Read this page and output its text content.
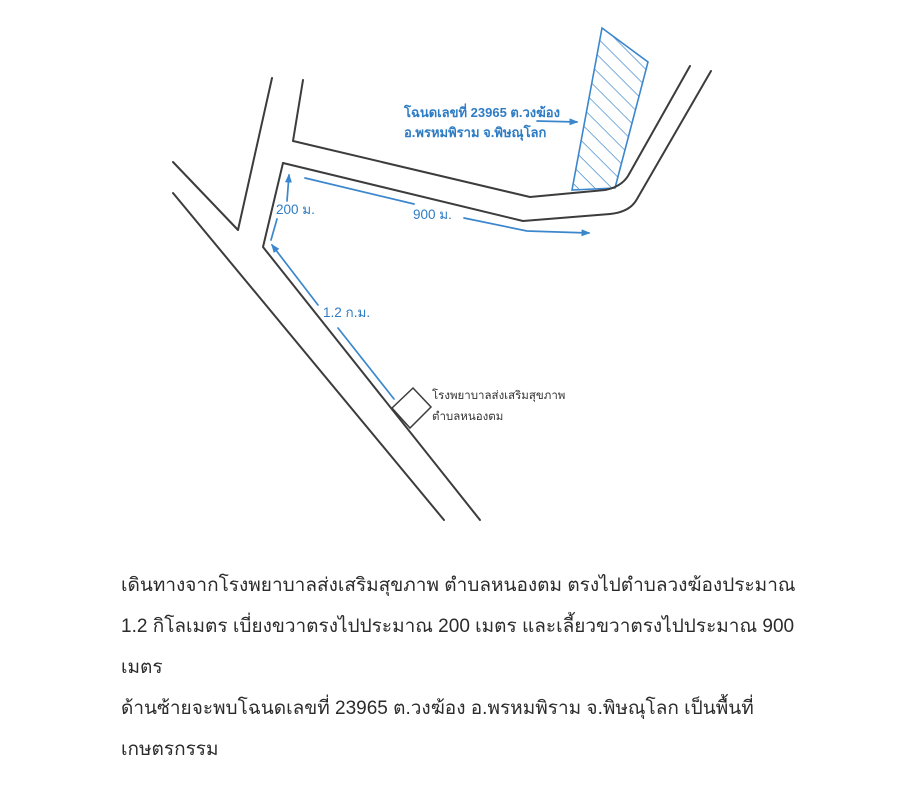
โฉนดเลขที่ 23965 ต.วงฆ้อง
อ.พรหมพิราม จ.พิษณุโลก
200 ม.	900 ม.
1.2 ก.ม.
โรงพยาบาลส่งเสริมสุขภาพ
ตำบลหนองตม
เดินทางจากโรงพยาบาลส่งเสริมสุขภาพ ตำบลหนองตม ตรงไปตำบลวงฆ้องประมาณ
1.2 กิโลเมตร เบี่ยงขวาตรงไปประมาณ 200 เมตร และเลี้ยวขวาตรงไปประมาณ 900 เมตร
ด้านซ้ายจะพบโฉนดเลขที่ 23965 ต.วงฆ้อง อ.พรหมพิราม จ.พิษณุโลก เป็นพื้นที่เกษตรกรรม
